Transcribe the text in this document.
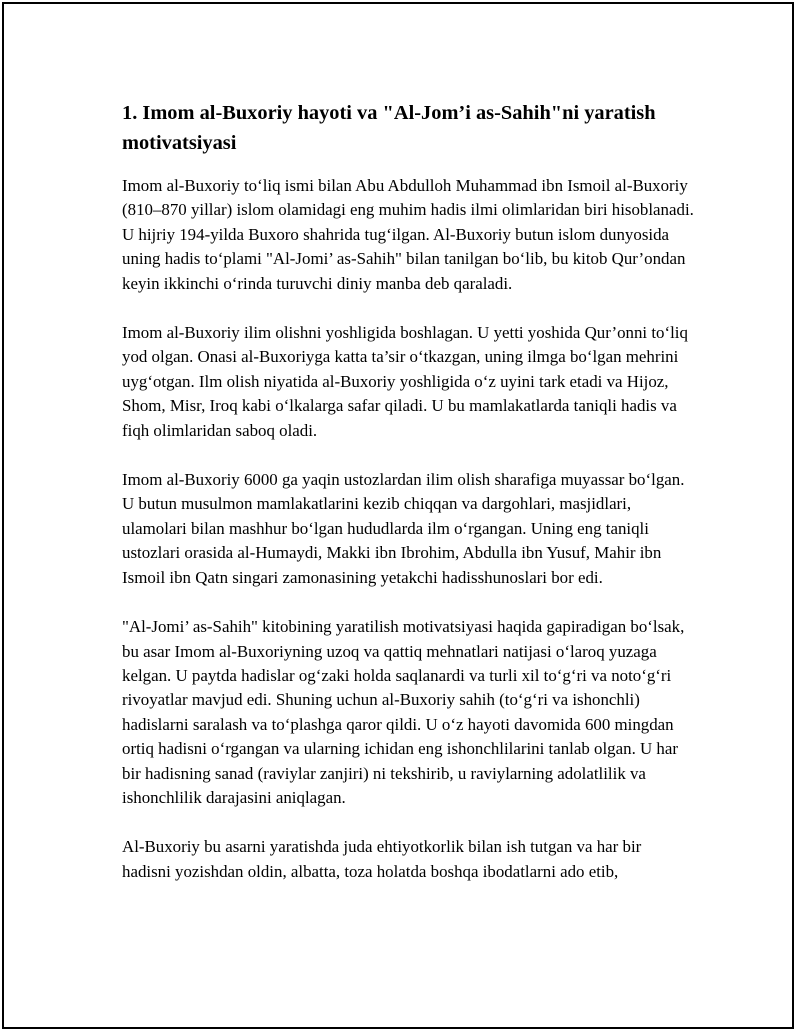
1. Imom al-Buxoriy hayoti va "Al-Jom’i as-Sahih"ni yaratish motivatsiyasi

Imom al-Buxoriy to‘liq ismi bilan Abu Abdulloh Muhammad ibn Ismoil al-Buxoriy (810–870 yillar) islom olamidagi eng muhim hadis ilmi olimlaridan biri hisoblanadi. U hijriy 194-yilda Buxoro shahrida tug‘ilgan. Al-Buxoriy butun islom dunyosida uning hadis to‘plami "Al-Jomi’ as-Sahih" bilan tanilgan bo‘lib, bu kitob Qur’ondan keyin ikkinchi o‘rinda turuvchi diniy manba deb qaraladi.

Imom al-Buxoriy ilim olishni yoshligida boshlagan. U yetti yoshida Qur’onni to‘liq yod olgan. Onasi al-Buxoriyga katta ta’sir o‘tkazgan, uning ilmga bo‘lgan mehrini uyg‘otgan. Ilm olish niyatida al-Buxoriy yoshligida o‘z uyini tark etadi va Hijoz, Shom, Misr, Iroq kabi o‘lkalarga safar qiladi. U bu mamlakatlarda taniqli hadis va fiqh olimlaridan saboq oladi.

Imom al-Buxoriy 6000 ga yaqin ustozlardan ilim olish sharafiga muyassar bo‘lgan. U butun musulmon mamlakatlarini kezib chiqqan va dargohlari, masjidlari, ulamolari bilan mashhur bo‘lgan hududlarda ilm o‘rgangan. Uning eng taniqli ustozlari orasida al-Humaydi, Makki ibn Ibrohim, Abdulla ibn Yusuf, Mahir ibn Ismoil ibn Qatn singari zamonasining yetakchi hadisshunoslari bor edi.

"Al-Jomi’ as-Sahih" kitobining yaratilish motivatsiyasi haqida gapiradigan bo‘lsak, bu asar Imom al-Buxoriyning uzoq va qattiq mehnatlari natijasi o‘laroq yuzaga kelgan. U paytda hadislar og‘zaki holda saqlanardi va turli xil to‘g‘ri va noto‘g‘ri rivoyatlar mavjud edi. Shuning uchun al-Buxoriy sahih (to‘g‘ri va ishonchli) hadislarni saralash va to‘plashga qaror qildi. U o‘z hayoti davomida 600 mingdan ortiq hadisni o‘rgangan va ularning ichidan eng ishonchlilarini tanlab olgan. U har bir hadisning sanad (raviylar zanjiri) ni tekshirib, u raviylarning adolatlilik va ishonchlilik darajasini aniqlagan.

Al-Buxoriy bu asarni yaratishda juda ehtiyotkorlik bilan ish tutgan va har bir hadisni yozishdan oldin, albatta, toza holatda boshqa ibodatlarni ado etib,
